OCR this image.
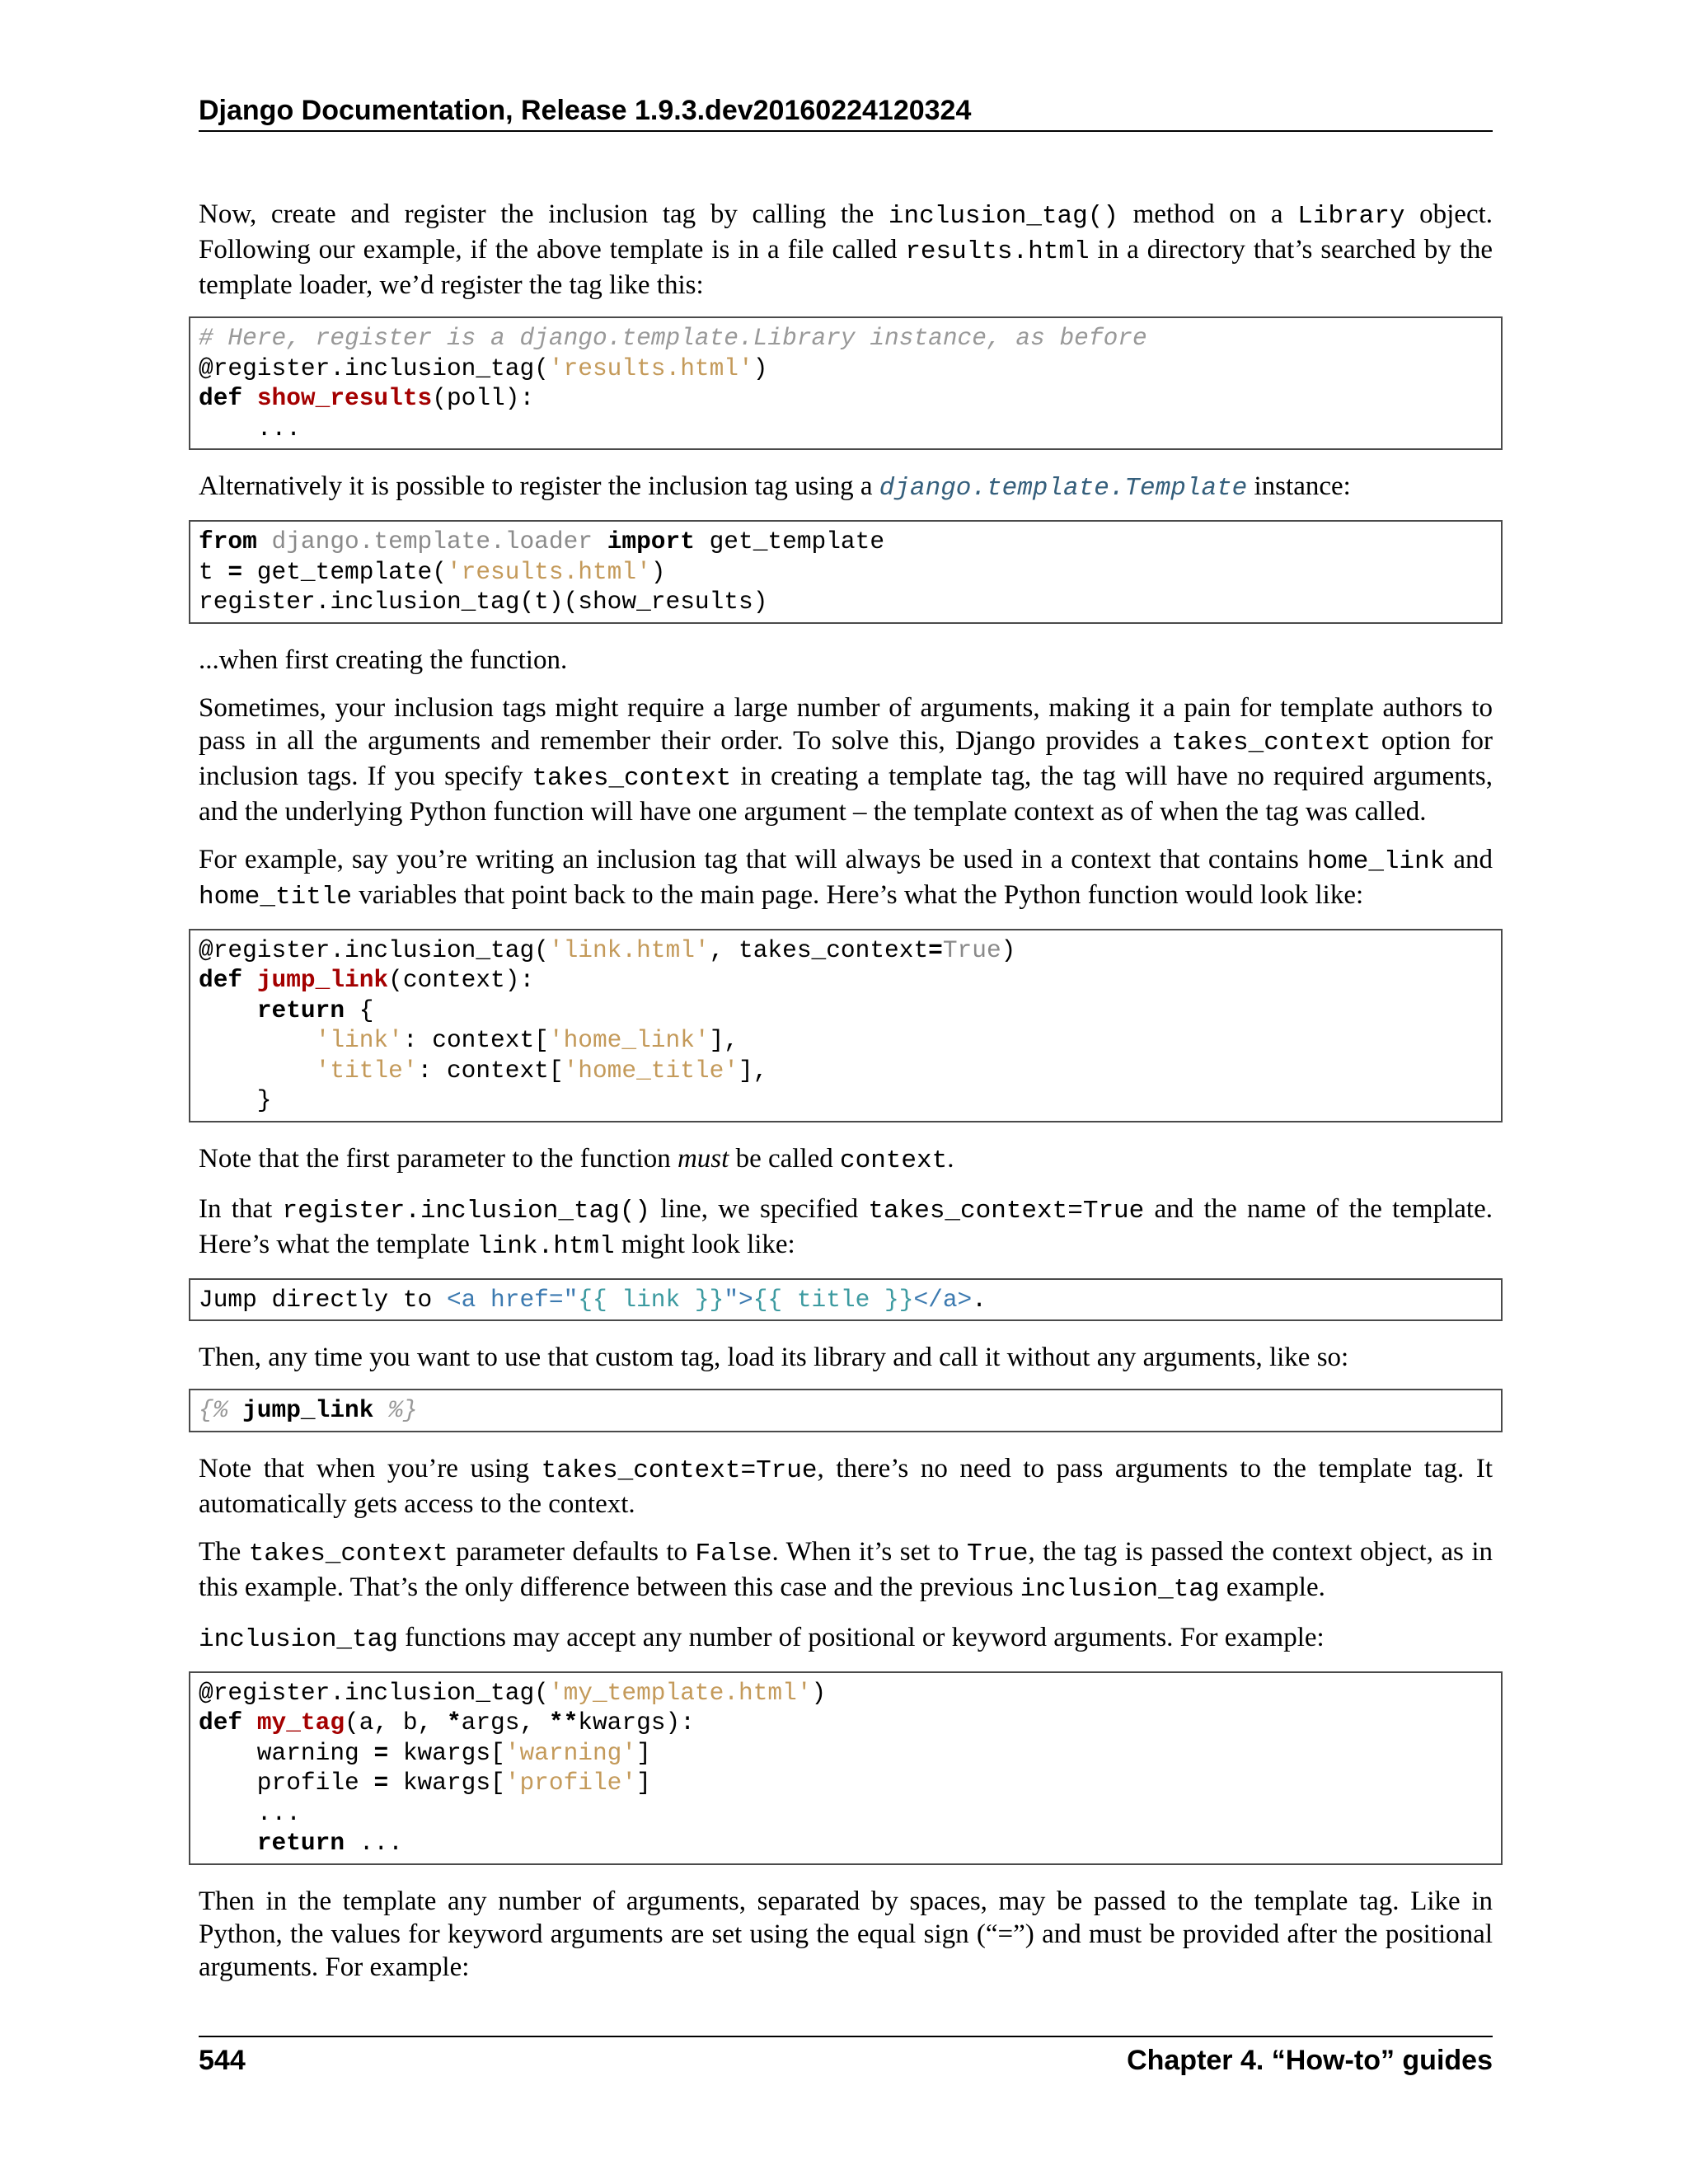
Django Documentation, Release 1.9.3.dev20160224120324

Now, create and register the inclusion tag by calling the inclusion_tag() method on a Library object. Following our example, if the above template is in a file called results.html in a directory that’s searched by the template loader, we’d register the tag like this:

# Here, register is a django.template.Library instance, as before
@register.inclusion_tag('results.html')
def show_results(poll):
...

Alternatively it is possible to register the inclusion tag using a django.template.Template instance:

from django.template.loader import get_template
t = get_template('results.html')
register.inclusion_tag(t)(show_results)

...when first creating the function.

Sometimes, your inclusion tags might require a large number of arguments, making it a pain for template authors to pass in all the arguments and remember their order. To solve this, Django provides a takes_context option for inclusion tags. If you specify takes_context in creating a template tag, the tag will have no required arguments, and the underlying Python function will have one argument – the template context as of when the tag was called.

For example, say you’re writing an inclusion tag that will always be used in a context that contains home_link and home_title variables that point back to the main page. Here’s what the Python function would look like:

@register.inclusion_tag('link.html', takes_context=True)
def jump_link(context):
return {
'link': context['home_link'],
'title': context['home_title'],
}

Note that the first parameter to the function must be called context.

In that register.inclusion_tag() line, we specified takes_context=True and the name of the template. Here’s what the template link.html might look like:

Jump directly to <a href="{{ link }}">{{ title }}</a>.

Then, any time you want to use that custom tag, load its library and call it without any arguments, like so:

{% jump_link %}

Note that when you’re using takes_context=True, there’s no need to pass arguments to the template tag. It automatically gets access to the context.

The takes_context parameter defaults to False. When it’s set to True, the tag is passed the context object, as in this example. That’s the only difference between this case and the previous inclusion_tag example.

inclusion_tag functions may accept any number of positional or keyword arguments. For example:

@register.inclusion_tag('my_template.html')
def my_tag(a, b, *args, **kwargs):
warning = kwargs['warning']
profile = kwargs['profile']
...
return ...

Then in the template any number of arguments, separated by spaces, may be passed to the template tag. Like in Python, the values for keyword arguments are set using the equal sign (“=”) and must be provided after the positional arguments. For example:

544	Chapter 4. “How-to” guides
